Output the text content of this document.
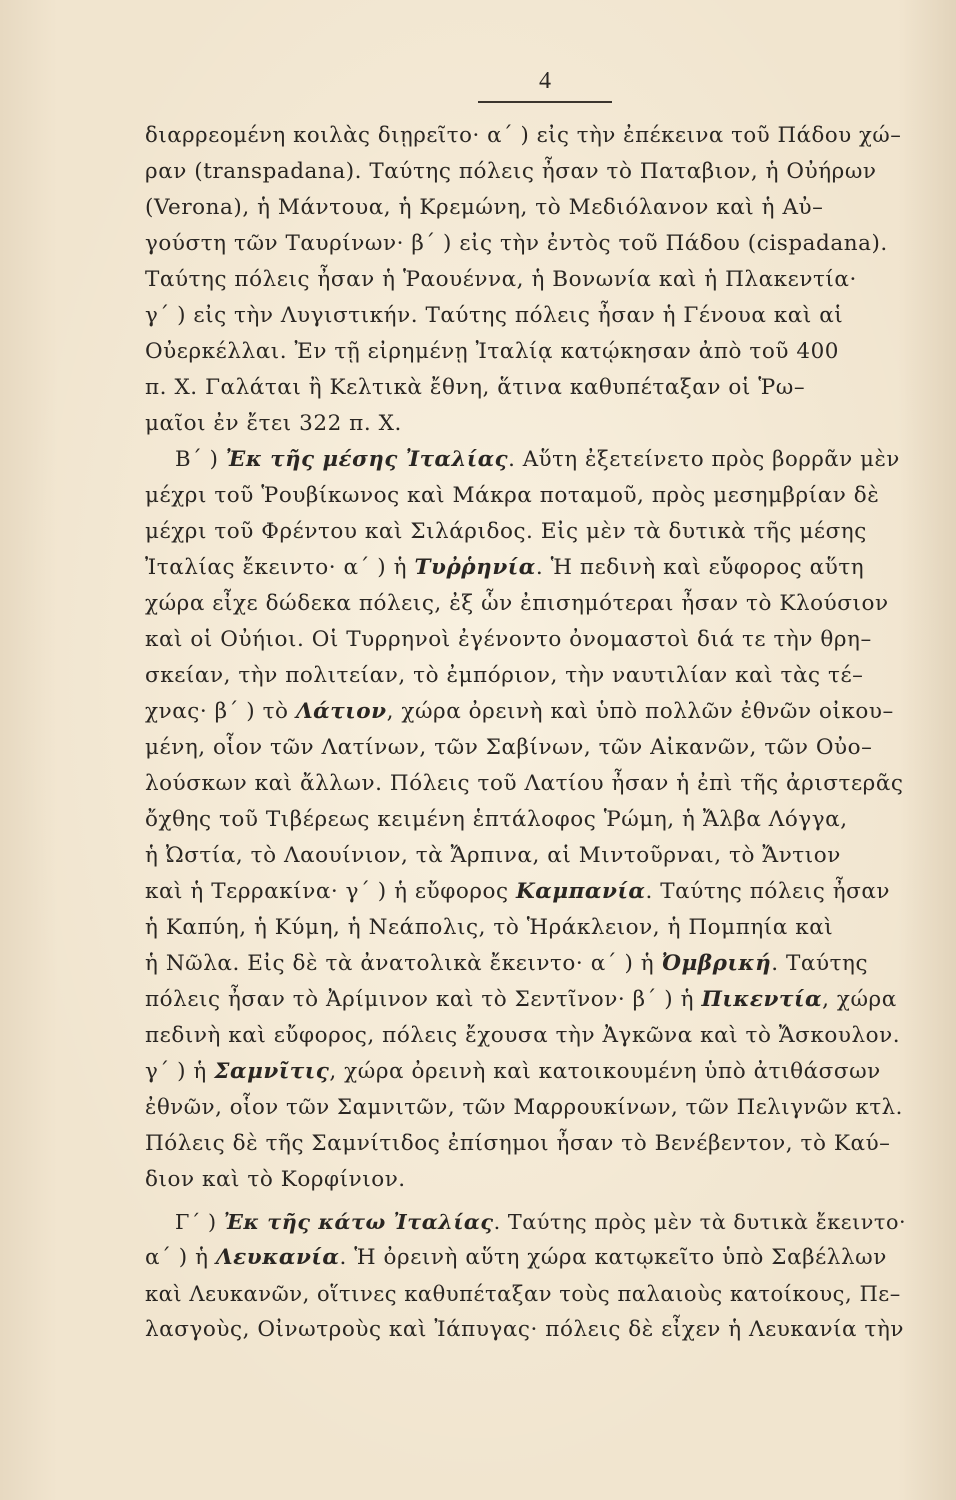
4
διαρρεομένη κοιλὰς διῃρεῖτο· α΄ ) εἰς τὴν ἐπέκεινα τοῦ Πάδου χώ–
ραν (transpadana). Ταύτης πόλεις ἦσαν τὸ Παταβιον, ἡ Οὐήρων
(Verona), ἡ Μάντουα, ἡ Κρεμώνη, τὸ Μεδιόλανον καὶ ἡ Αὐ–
γούστη τῶν Ταυρίνων· β΄ ) εἰς τὴν ἐντὸς τοῦ Πάδου (cispadana).
Ταύτης πόλεις ἦσαν ἡ Ῥαουέννα, ἡ Βονωνία καὶ ἡ Πλακεντία·
γ΄ ) εἰς τὴν Λυγιστικήν. Ταύτης πόλεις ἦσαν ἡ Γένουα καὶ αἱ
Οὐερκέλλαι. Ἐν τῇ εἰρημένῃ Ἰταλίᾳ κατῴκησαν ἀπὸ τοῦ 400
π. Χ. Γαλάται ἢ Κελτικὰ ἔθνη, ἅτινα καθυπέταξαν οἱ Ῥω–
μαῖοι ἐν ἔτει 322 π. Χ.
Β΄ ) Ἐκ τῆς μέσης Ἰταλίας. Αὕτη ἐξετείνετο πρὸς βορρᾶν μὲν
μέχρι τοῦ Ῥουβίκωνος καὶ Μάκρα ποταμοῦ, πρὸς μεσημβρίαν δὲ
μέχρι τοῦ Φρέντου καὶ Σιλάριδος. Εἰς μὲν τὰ δυτικὰ τῆς μέσης
Ἰταλίας ἔκειντο· α΄ ) ἡ Τυῤῥηνία. Ἡ πεδινὴ καὶ εὔφορος αὕτη
χώρα εἶχε δώδεκα πόλεις, ἐξ ὧν ἐπισημότεραι ἦσαν τὸ Κλούσιον
καὶ οἱ Οὐήιοι. Οἱ Τυρρηνοὶ ἐγένοντο ὀνομαστοὶ διά τε τὴν θρη–
σκείαν, τὴν πολιτείαν, τὸ ἐμπόριον, τὴν ναυτιλίαν καὶ τὰς τέ–
χνας· β΄ ) τὸ Λάτιον, χώρα ὀρεινὴ καὶ ὑπὸ πολλῶν ἐθνῶν οἰκου–
μένη, οἷον τῶν Λατίνων, τῶν Σαβίνων, τῶν Αἰκανῶν, τῶν Οὐο–
λούσκων καὶ ἄλλων. Πόλεις τοῦ Λατίου ἦσαν ἡ ἐπὶ τῆς ἀριστερᾶς
ὄχθης τοῦ Τιβέρεως κειμένη ἑπτάλοφος Ῥώμη, ἡ Ἄλβα Λόγγα,
ἡ Ὠστία, τὸ Λαουίνιον, τὰ Ἄρπινα, αἱ Μιντοῦρναι, τὸ Ἄντιον
καὶ ἡ Τερρακίνα· γ΄ ) ἡ εὔφορος Καμπανία. Ταύτης πόλεις ἦσαν
ἡ Καπύη, ἡ Κύμη, ἡ Νεάπολις, τὸ Ἡράκλειον, ἡ Πομπηία καὶ
ἡ Νῶλα. Εἰς δὲ τὰ ἀνατολικὰ ἔκειντο· α΄ ) ἡ Ὀμβρική. Ταύτης
πόλεις ἦσαν τὸ Ἀρίμινον καὶ τὸ Σεντῖνον· β΄ ) ἡ Πικεντία, χώρα
πεδινὴ καὶ εὔφορος, πόλεις ἔχουσα τὴν Ἀγκῶνα καὶ τὸ Ἄσκουλον.
γ΄ ) ἡ Σαμνῖτις, χώρα ὀρεινὴ καὶ κατοικουμένη ὑπὸ ἀτιθάσσων
ἐθνῶν, οἷον τῶν Σαμνιτῶν, τῶν Μαρρουκίνων, τῶν Πελιγνῶν κτλ.
Πόλεις δὲ τῆς Σαμνίτιδος ἐπίσημοι ἦσαν τὸ Βενέβεντον, τὸ Καύ–
διον καὶ τὸ Κορφίνιον.
Γ΄ ) Ἐκ τῆς κάτω Ἰταλίας. Ταύτης πρὸς μὲν τὰ δυτικὰ ἔκειντο·
α΄ ) ἡ Λευκανία. Ἡ ὀρεινὴ αὕτη χώρα κατῳκεῖτο ὑπὸ Σαβέλλων
καὶ Λευκανῶν, οἵτινες καθυπέταξαν τοὺς παλαιοὺς κατοίκους, Πε–
λασγοὺς, Οἰνωτροὺς καὶ Ἰάπυγας· πόλεις δὲ εἶχεν ἡ Λευκανία τὴν
